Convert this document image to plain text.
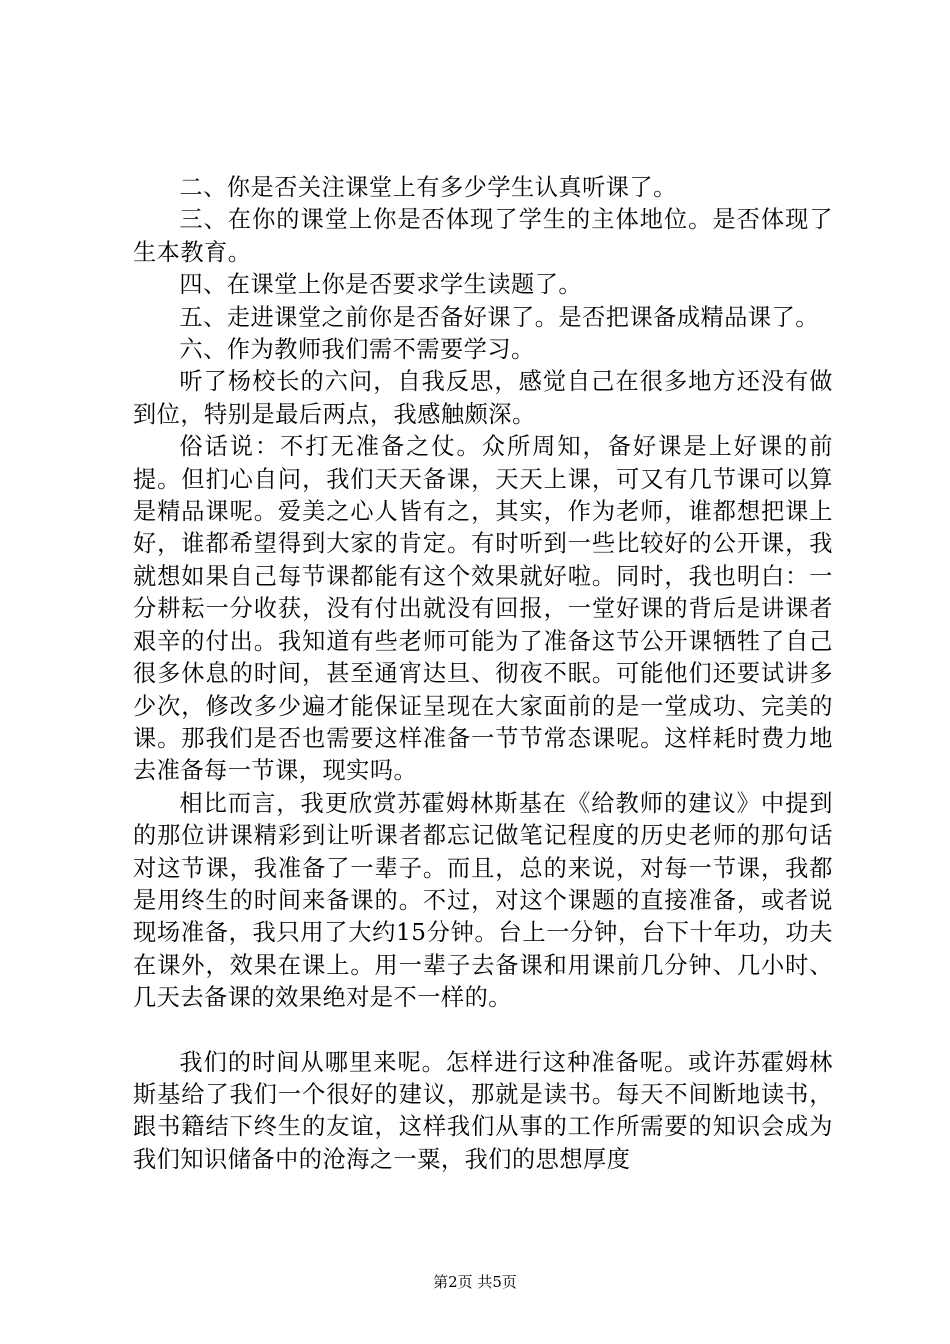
二、你是否关注课堂上有多少学生认真听课了。

三、在你的课堂上你是否体现了学生的主体地位。是否体现了生本教育。

四、在课堂上你是否要求学生读题了。

五、走进课堂之前你是否备好课了。是否把课备成精品课了。

六、作为教师我们需不需要学习。

听了杨校长的六问，自我反思，感觉自己在很多地方还没有做到位，特别是最后两点，我感触颇深。

俗话说：不打无准备之仗。众所周知，备好课是上好课的前提。但扪心自问，我们天天备课，天天上课，可又有几节课可以算是精品课呢。爱美之心人皆有之，其实，作为老师，谁都想把课上好，谁都希望得到大家的肯定。有时听到一些比较好的公开课，我就想如果自己每节课都能有这个效果就好啦。同时，我也明白：一分耕耘一分收获，没有付出就没有回报，一堂好课的背后是讲课者艰辛的付出。我知道有些老师可能为了准备这节公开课牺牲了自己很多休息的时间，甚至通宵达旦、彻夜不眠。可能他们还要试讲多少次，修改多少遍才能保证呈现在大家面前的是一堂成功、完美的课。那我们是否也需要这样准备一节节常态课呢。这样耗时费力地去准备每一节课，现实吗。

相比而言，我更欣赏苏霍姆林斯基在《给教师的建议》中提到的那位讲课精彩到让听课者都忘记做笔记程度的历史老师的那句话对这节课，我准备了一辈子。而且，总的来说，对每一节课，我都是用终生的时间来备课的。不过，对这个课题的直接准备，或者说现场准备，我只用了大约15分钟。台上一分钟，台下十年功，功夫在课外，效果在课上。用一辈子去备课和用课前几分钟、几小时、几天去备课的效果绝对是不一样的。

我们的时间从哪里来呢。怎样进行这种准备呢。或许苏霍姆林斯基给了我们一个很好的建议，那就是读书。每天不间断地读书，跟书籍结下终生的友谊，这样我们从事的工作所需要的知识会成为我们知识储备中的沧海之一粟，我们的思想厚度

第2页 共5页
